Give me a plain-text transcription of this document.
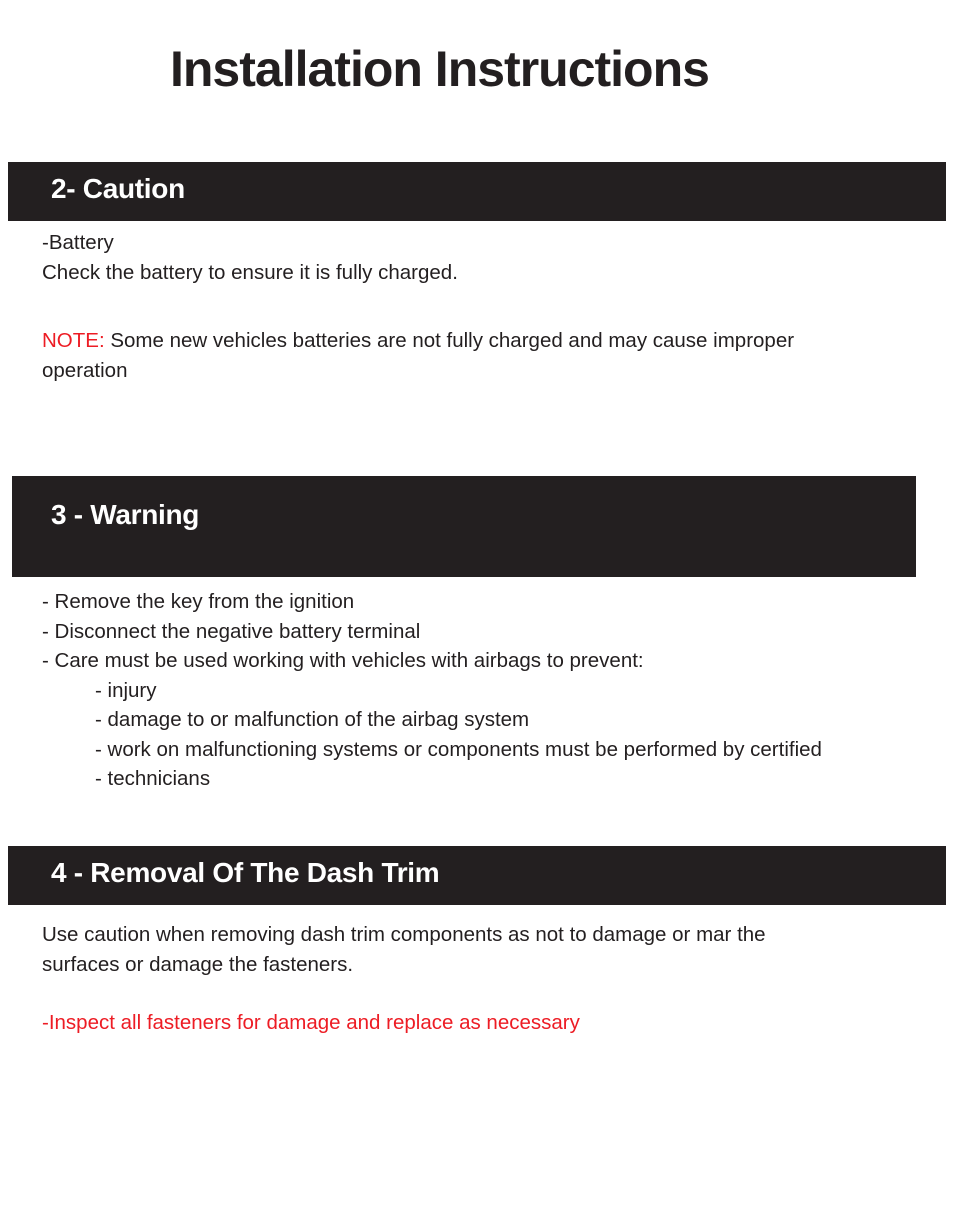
Installation Instructions
2- Caution
-Battery
Check the battery to ensure it is fully charged.
NOTE: Some new vehicles batteries are not fully charged and may cause improper
operation
3 - Warning
- Remove the key from the ignition
- Disconnect the negative battery terminal
- Care must be used working with vehicles with airbags to prevent:
- injury
- damage to or malfunction of the airbag system
- work on malfunctioning systems or components must be performed by certified
- technicians
4 - Removal Of The Dash Trim
Use caution when removing dash trim components as not to damage or mar the
surfaces or damage the fasteners.
-Inspect all fasteners for damage and replace as necessary
